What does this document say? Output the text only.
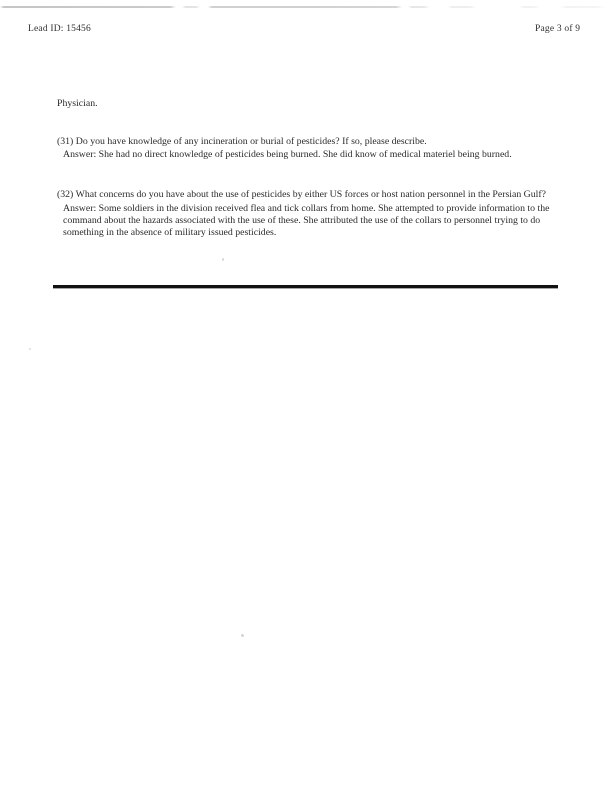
Lead ID: 15456	Page 3 of 9

Physician.

(31) Do you have knowledge of any incineration or burial of pesticides? If so, please describe.

Answer: She had no direct knowledge of pesticides being burned. She did know of medical materiel being burned.

(32) What concerns do you have about the use of pesticides by either US forces or host nation personnel in the Persian Gulf?

Answer: Some soldiers in the division received flea and tick collars from home. She attempted to provide information to the command about the hazards associated with the use of these. She attributed the use of the collars to personnel trying to do something in the absence of military issued pesticides.
